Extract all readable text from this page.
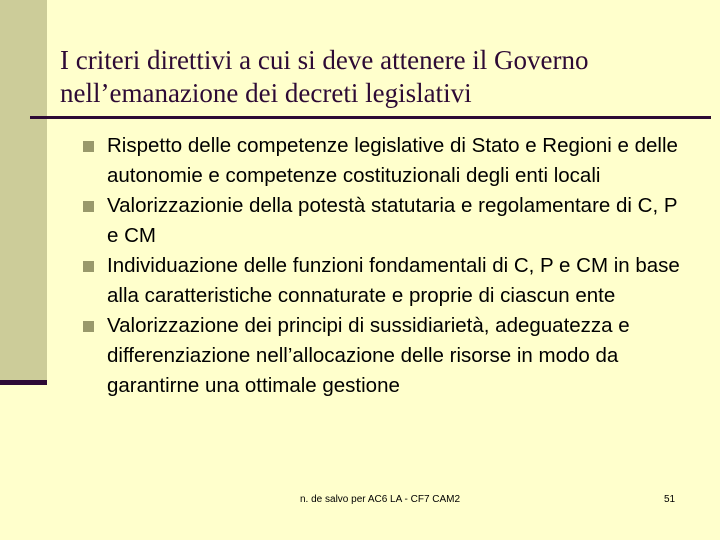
I criteri direttivi a cui si deve attenere il Governo nell’emanazione dei decreti legislativi
Rispetto delle competenze legislative di Stato e Regioni e delle autonomie e competenze costituzionali degli enti locali
Valorizzazionie della potestà statutaria e regolamentare di C, P e CM
Individuazione delle funzioni fondamentali di C, P e CM in base alla caratteristiche connaturate e proprie di ciascun ente
Valorizzazione dei principi di sussidiarietà, adeguatezza e differenziazione nell’allocazione delle risorse in modo da garantirne una ottimale gestione
n. de salvo per AC6 LA - CF7 CAM2	51
